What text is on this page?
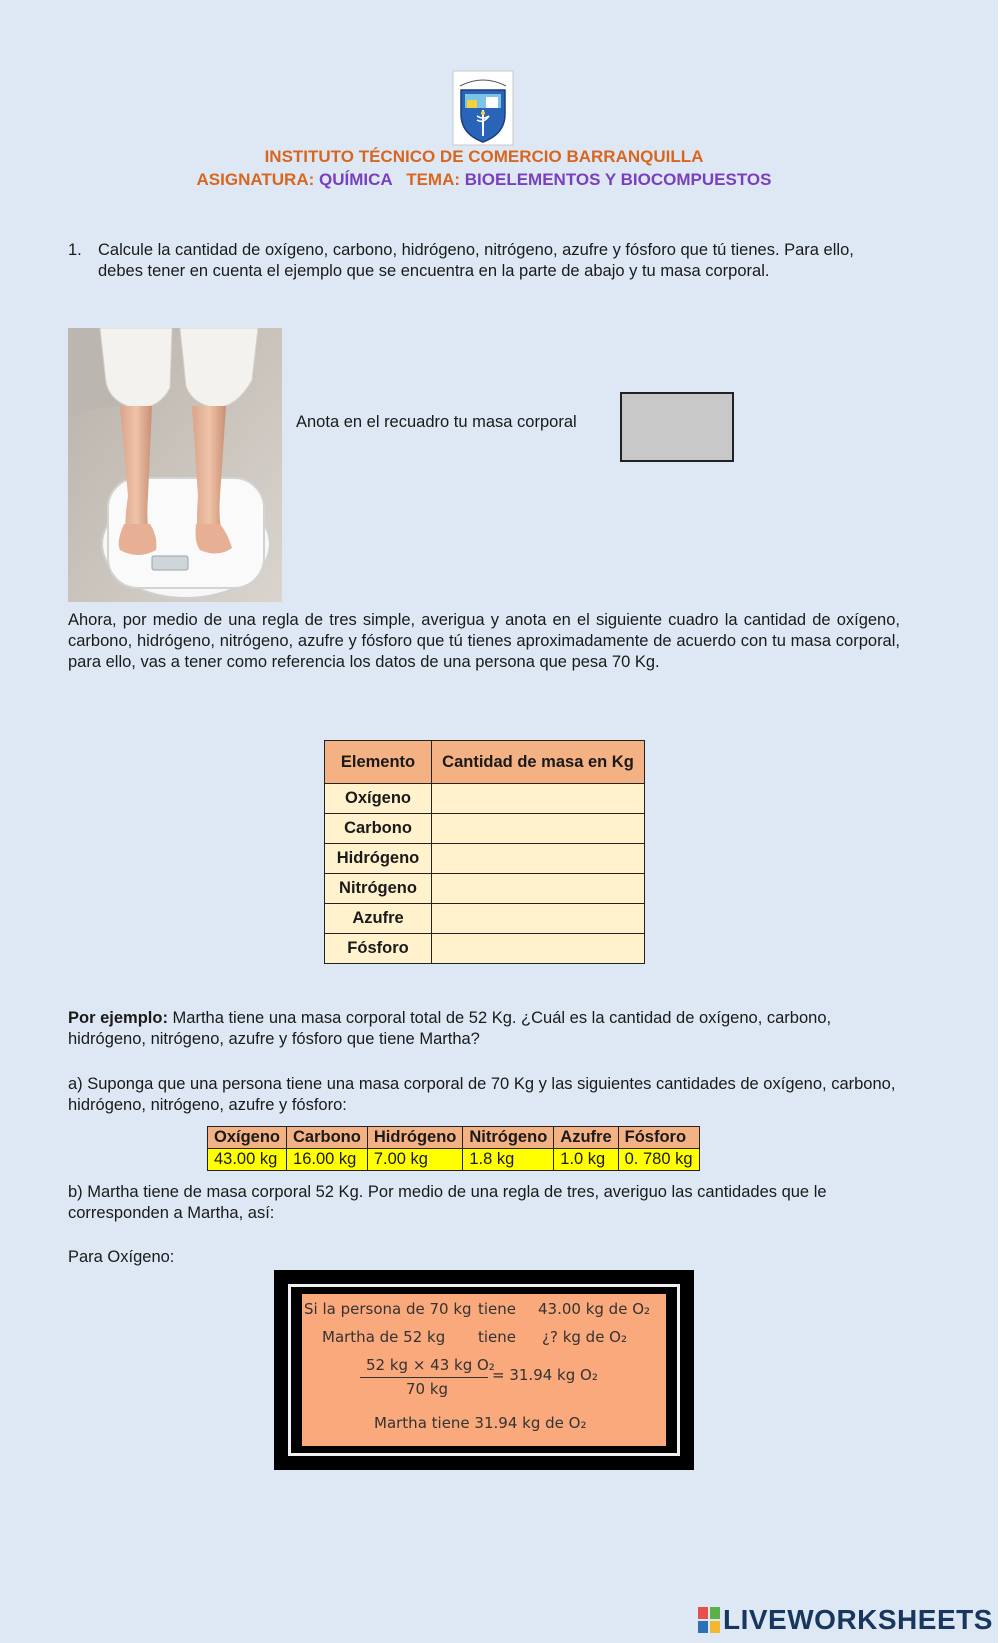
INSTITUTO TÉCNICO DE COMERCIO BARRANQUILLA
ASIGNATURA: QUÍMICA TEMA: BIOELEMENTOS Y BIOCOMPUESTOS
1. Calcule la cantidad de oxígeno, carbono, hidrógeno, nitrógeno, azufre y fósforo que tú tienes. Para ello, debes tener en cuenta el ejemplo que se encuentra en la parte de abajo y tu masa corporal.
Anota en el recuadro tu masa corporal
Ahora, por medio de una regla de tres simple, averigua y anota en el siguiente cuadro la cantidad de oxígeno, carbono, hidrógeno, nitrógeno, azufre y fósforo que tú tienes aproximadamente de acuerdo con tu masa corporal, para ello, vas a tener como referencia los datos de una persona que pesa 70 Kg.
Elemento	Cantidad de masa en Kg
Oxígeno	
Carbono	
Hidrógeno	
Nitrógeno	
Azufre	
Fósforo	
Por ejemplo: Martha tiene una masa corporal total de 52 Kg. ¿Cuál es la cantidad de oxígeno, carbono, hidrógeno, nitrógeno, azufre y fósforo que tiene Martha?
a) Suponga que una persona tiene una masa corporal de 70 Kg y las siguientes cantidades de oxígeno, carbono, hidrógeno, nitrógeno, azufre y fósforo:
Oxígeno	Carbono	Hidrógeno	Nitrógeno	Azufre	Fósforo
43.00 kg	16.00 kg	7.00 kg	1.8 kg	1.0 kg	0. 780 kg
b) Martha tiene de masa corporal 52 Kg. Por medio de una regla de tres, averiguo las cantidades que le corresponden a Martha, así:
Para Oxígeno:
Si la persona de 70 kg tiene 43.00 kg de O₂
Martha de 52 kg tiene ¿? kg de O₂
52 kg × 43 kg O₂
70 kg
= 31.94 kg O₂
Martha tiene 31.94 kg de O₂
LIVEWORKSHEETS
